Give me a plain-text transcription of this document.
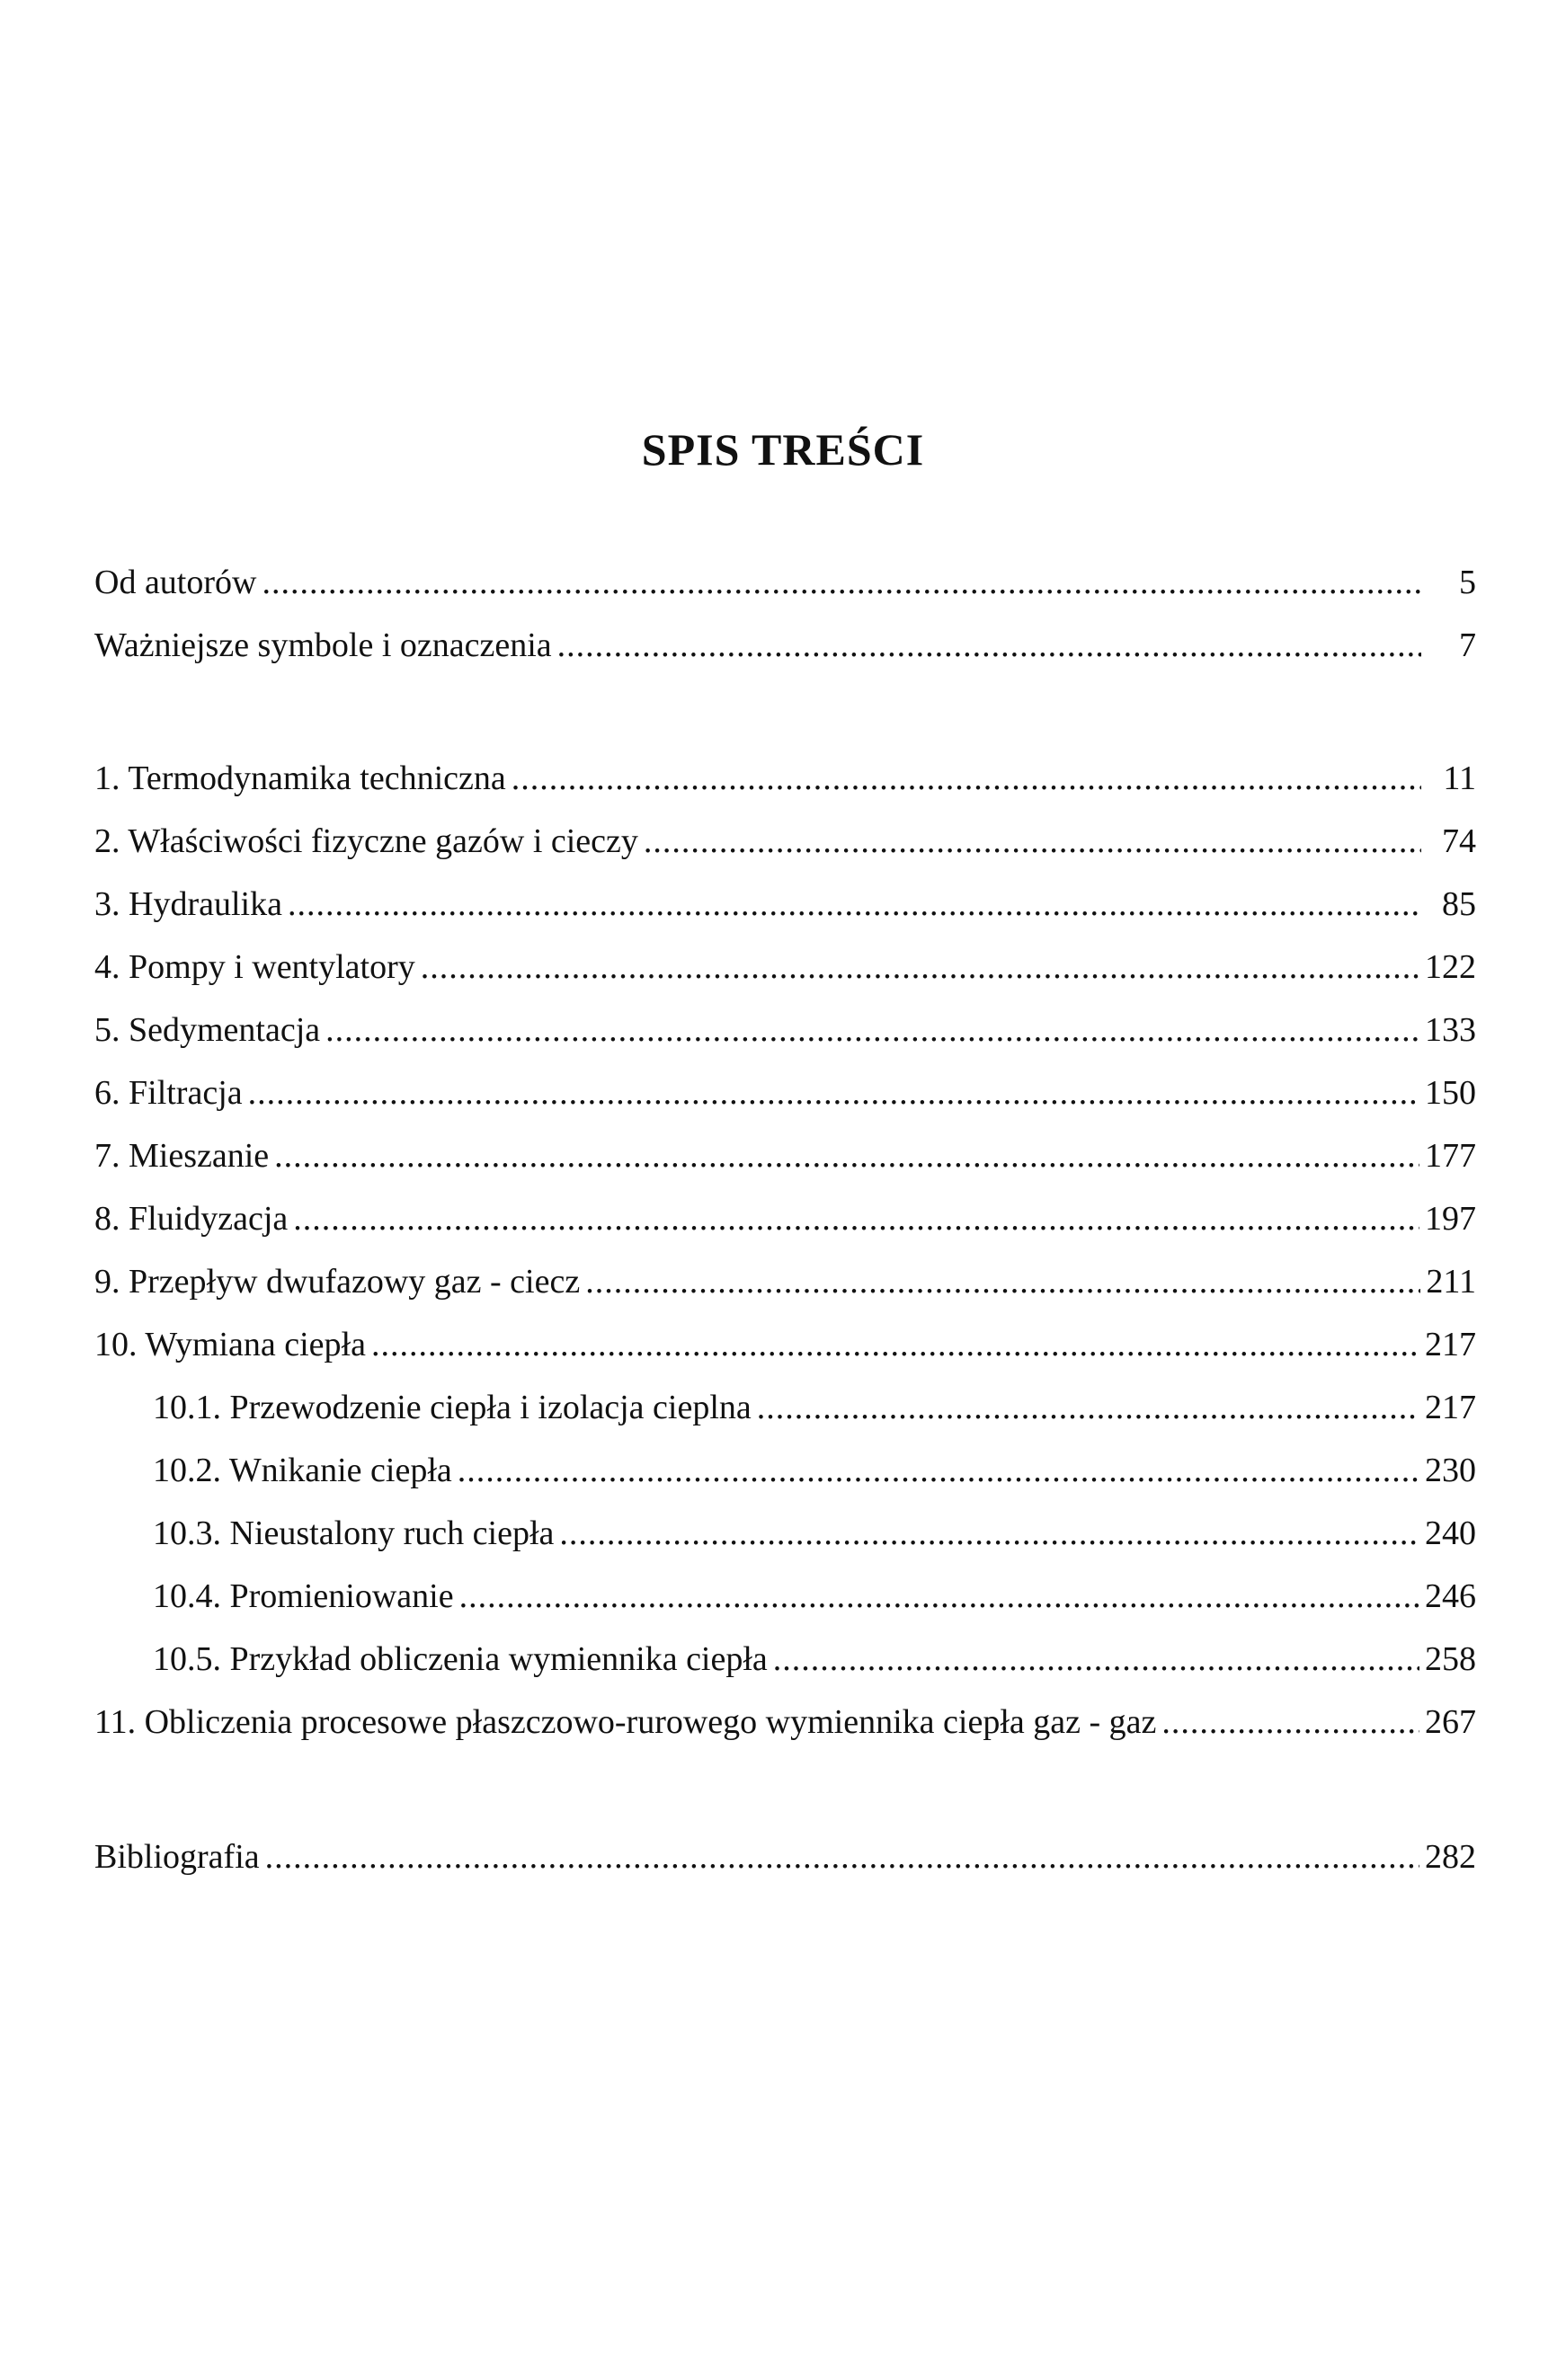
SPIS TREŚCI
Od autorów .....	5
Ważniejsze symbole i oznaczenia .....	7
1. Termodynamika techniczna .....	11
2. Właściwości fizyczne gazów i cieczy .....	74
3. Hydraulika .....	85
4. Pompy i wentylatory .....	122
5. Sedymentacja .....	133
6. Filtracja .....	150
7. Mieszanie .....	177
8. Fluidyzacja .....	197
9. Przepływ dwufazowy gaz - ciecz .....	211
10. Wymiana ciepła .....	217
10.1. Przewodzenie ciepła i izolacja cieplna .....	217
10.2. Wnikanie ciepła .....	230
10.3. Nieustalony ruch ciepła .....	240
10.4. Promieniowanie .....	246
10.5. Przykład obliczenia wymiennika ciepła .....	258
11. Obliczenia procesowe płaszczowo-rurowego wymiennika ciepła gaz - gaz .....	267
Bibliografia .....	282
